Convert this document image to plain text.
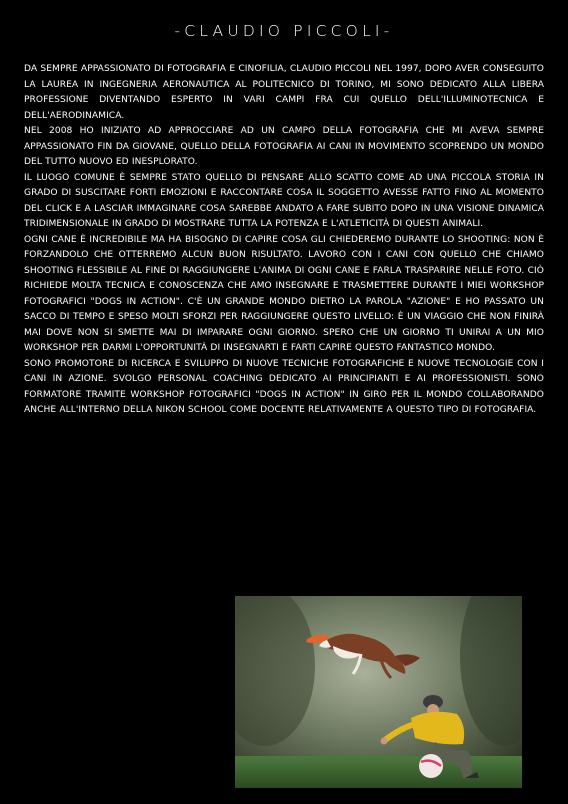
-CLAUDIO PICCOLI-

DA SEMPRE APPASSIONATO DI FOTOGRAFIA E CINOFILIA, CLAUDIO PICCOLI NEL 1997, DOPO AVER CONSEGUITO LA LAUREA IN INGEGNERIA AERONAUTICA AL POLITECNICO DI TORINO, MI SONO DEDICATO ALLA LIBERA PROFESSIONE DIVENTANDO ESPERTO IN VARI CAMPI FRA CUI QUELLO DELL'ILLUMINOTECNICA E DELL'AERODINAMICA.

NEL 2008 HO INIZIATO AD APPROCCIARE AD UN CAMPO DELLA FOTOGRAFIA CHE MI AVEVA SEMPRE APPASSIONATO FIN DA GIOVANE, QUELLO DELLA FOTOGRAFIA AI CANI IN MOVIMENTO SCOPRENDO UN MONDO DEL TUTTO NUOVO ED INESPLORATO.

IL LUOGO COMUNE È SEMPRE STATO QUELLO DI PENSARE ALLO SCATTO COME AD UNA PICCOLA STORIA IN GRADO DI SUSCITARE FORTI EMOZIONI E RACCONTARE COSA IL SOGGETTO AVESSE FATTO FINO AL MOMENTO DEL CLICK E A LASCIAR IMMAGINARE COSA SAREBBE ANDATO A FARE SUBITO DOPO IN UNA VISIONE DINAMICA TRIDIMENSIONALE IN GRADO DI MOSTRARE TUTTA LA POTENZA E L'ATLETICITÀ DI QUESTI ANIMALI.

OGNI CANE È INCREDIBILE MA HA BISOGNO DI CAPIRE COSA GLI CHIEDEREMO DURANTE LO SHOOTING: NON È FORZANDOLO CHE OTTERREMO ALCUN BUON RISULTATO. LAVORO CON I CANI CON QUELLO CHE CHIAMO SHOOTING FLESSIBILE AL FINE DI RAGGIUNGERE L'ANIMA DI OGNI CANE E FARLA TRASPARIRE NELLE FOTO. CIÒ RICHIEDE MOLTA TECNICA E CONOSCENZA CHE AMO INSEGNARE E TRASMETTERE DURANTE I MIEI WORKSHOP FOTOGRAFICI "DOGS IN ACTION". C'È UN GRANDE MONDO DIETRO LA PAROLA "AZIONE" E HO PASSATO UN SACCO DI TEMPO E SPESO MOLTI SFORZI PER RAGGIUNGERE QUESTO LIVELLO: È UN VIAGGIO CHE NON FINIRÀ MAI DOVE NON SI SMETTE MAI DI IMPARARE OGNI GIORNO. SPERO CHE UN GIORNO TI UNIRAI A UN MIO WORKSHOP PER DARMI L'OPPORTUNITÀ DI INSEGNARTI E FARTI CAPIRE QUESTO FANTASTICO MONDO.

SONO PROMOTORE DI RICERCA E SVILUPPO DI NUOVE TECNICHE FOTOGRAFICHE E NUOVE TECNOLOGIE CON I CANI IN AZIONE. SVOLGO PERSONAL COACHING DEDICATO AI PRINCIPIANTI E AI PROFESSIONISTI. SONO FORMATORE TRAMITE WORKSHOP FOTOGRAFICI "DOGS IN ACTION" IN GIRO PER IL MONDO COLLABORANDO ANCHE ALL'INTERNO DELLA NIKON SCHOOL COME DOCENTE RELATIVAMENTE A QUESTO TIPO DI FOTOGRAFIA.
